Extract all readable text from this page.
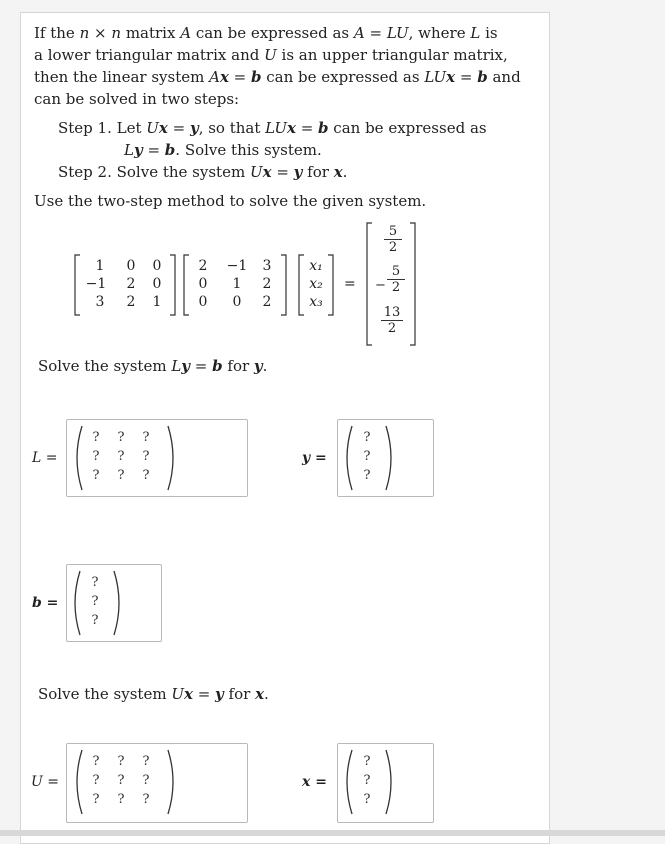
If the n × n matrix A can be expressed as A = LU, where L is
a lower triangular matrix and U is an upper triangular matrix,
then the linear system Ax = b can be expressed as LUx = b and
can be solved in two steps:
Step 1. Let Ux = y, so that LUx = b can be expressed as
Ly = b. Solve this system.
Step 2. Solve the system Ux = y for x.
Use the two-step method to solve the given system.
1	0	0
−1	2	0
3	2	1
2	−1	3
0	1	2
0	0	2
x₁
x₂
x₃
=
5
2
−
5
2
13
2
Solve the system Ly = b for y.
L =
?	?	?
?	?	?
?	?	?
y =
?
?
?
b =
?
?
?
Solve the system Ux = y for x.
U =
?	?	?
?	?	?
?	?	?
x =
?
?
?
